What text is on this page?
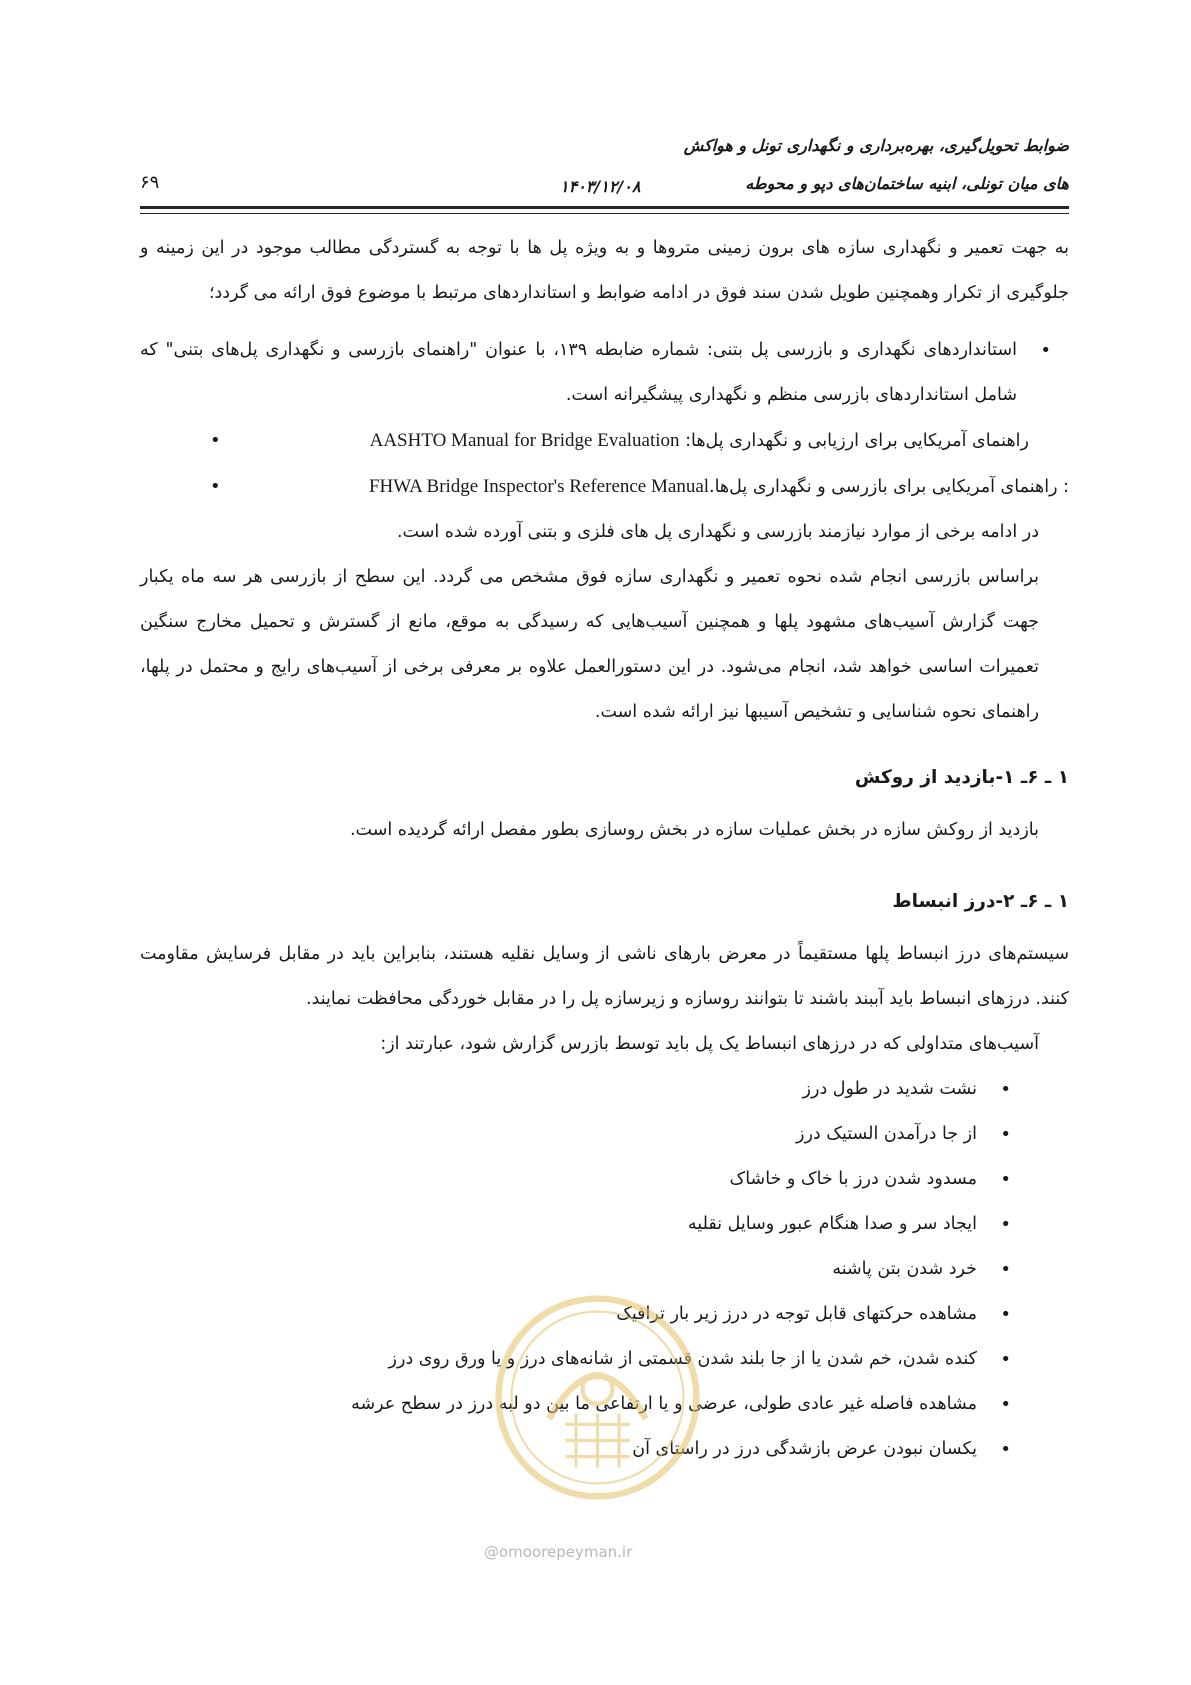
ضوابط تحویل‌گیری، بهره‌برداری و نگهداری تونل و هواکش
های میان تونلی، ابنیه ساختمان‌های دپو و محوطه
۱۴۰۳/۱۲/۰۸
۶۹

به جهت تعمیر و نگهداری سازه های برون زمینی متروها و به ویژه پل ها با توجه به گستردگی مطالب موجود در این زمینه و جلوگیری از تکرار وهمچنین طویل شدن سند فوق در ادامه ضوابط و استانداردهای مرتبط با موضوع فوق ارائه می گردد؛

• استانداردهای نگهداری و بازرسی پل بتنی: شماره ضابطه ۱۳۹، با عنوان "راهنمای بازرسی و نگهداری پل‌های بتنی" که شامل استانداردهای بازرسی منظم و نگهداری پیشگیرانه است.
راهنمای آمریکایی برای ارزیابی و نگهداری پل‌ها: AASHTO Manual for Bridge Evaluation •
: راهنمای آمریکایی برای بازرسی و نگهداری پل‌ها.FHWA Bridge Inspector's Reference Manual •

در ادامه برخی از موارد نیازمند بازرسی و نگهداری پل های فلزی و بتنی آورده شده است.

براساس بازرسی انجام شده نحوه تعمیر و نگهداری سازه فوق مشخص می گردد. این سطح از بازرسی هر سه ماه یکبار جهت گزارش آسیب‌های مشهود پلها و همچنین آسیب‌هایی که رسیدگی به موقع، مانع از گسترش و تحمیل مخارج سنگین تعمیرات اساسی خواهد شد، انجام می‌شود. در این دستورالعمل علاوه بر معرفی برخی از آسیب‌های رایج و محتمل در پلها، راهنمای نحوه شناسایی و تشخیص آسیبها نیز ارائه شده است.

۱ ـ ۶ـ ۱-بازدید از روکش

بازدید از روکش سازه در بخش عملیات سازه در بخش روسازی بطور مفصل ارائه گردیده است.

۱ ـ ۶ـ ۲-درز انبساط

سیستم‌های درز انبساط پلها مستقیماً در معرض بارهای ناشی از وسایل نقلیه هستند، بنابراین باید در مقابل فرسایش مقاومت کنند. درزهای انبساط باید آببند باشند تا بتوانند روسازه و زیرسازه پل را در مقابل خوردگی محافظت نمایند.

آسیب‌های متداولی که در درزهای انبساط یک پل باید توسط بازرس گزارش شود، عبارتند از:

• نشت شدید در طول درز
• از جا درآمدن الستیک درز
• مسدود شدن درز با خاک و خاشاک
• ایجاد سر و صدا هنگام عبور وسایل نقلیه
• خرد شدن بتن پاشنه
• مشاهده حرکتهای قابل توجه در درز زیر بار ترافیک
• کنده شدن، خم شدن یا از جا بلند شدن قسمتی از شانه‌های درز و یا ورق روی درز
• مشاهده فاصله غیر عادی طولی، عرضی و یا ارتفاعی ما بین دو لبه درز در سطح عرشه
• یکسان نبودن عرض بازشدگی درز در راستای آن
@omoorepeyman.ir
